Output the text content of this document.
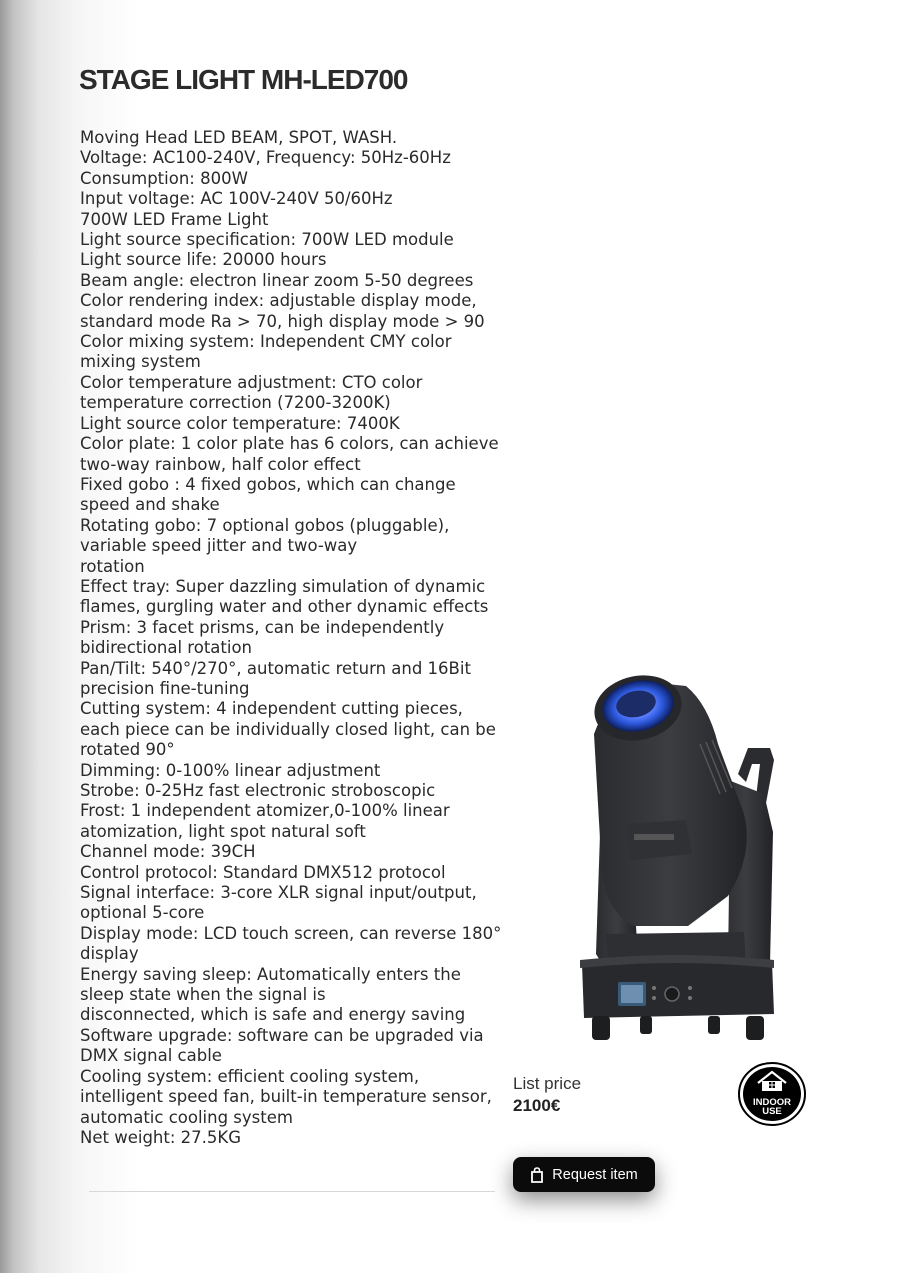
STAGE LIGHT MH-LED700
Moving Head LED BEAM, SPOT, WASH.
Voltage: AC100-240V, Frequency: 50Hz-60Hz
Consumption: 800W
Input voltage: AC 100V-240V 50/60Hz
700W LED Frame Light
Light source specification: 700W LED module
Light source life: 20000 hours
Beam angle: electron linear zoom 5-50 degrees
Color rendering index: adjustable display mode, standard mode Ra > 70, high display mode > 90
Color mixing system: Independent CMY color mixing system
Color temperature adjustment: CTO color temperature correction (7200-3200K)
Light source color temperature: 7400K
Color plate: 1 color plate has 6 colors, can achieve two-way rainbow, half color effect
Fixed gobo : 4 fixed gobos, which can change speed and shake
Rotating gobo: 7 optional gobos (pluggable), variable speed jitter and two-way
rotation
Effect tray: Super dazzling simulation of dynamic flames, gurgling water and other dynamic effects
Prism: 3 facet prisms, can be independently bidirectional rotation
Pan/Tilt: 540°/270°, automatic return and 16Bit precision fine-tuning
Cutting system: 4 independent cutting pieces, each piece can be individually closed light, can be rotated 90°
Dimming: 0-100% linear adjustment
Strobe: 0-25Hz fast electronic stroboscopic
Frost: 1 independent atomizer,0-100% linear atomization, light spot natural soft
Channel mode: 39CH
Control protocol: Standard DMX512 protocol
Signal interface: 3-core XLR signal input/output, optional 5-core
Display mode: LCD touch screen, can reverse 180° display
Energy saving sleep: Automatically enters the sleep state when the signal is
disconnected, which is safe and energy saving
Software upgrade: software can be upgraded via DMX signal cable
Cooling system: efficient cooling system, intelligent speed fan, built-in temperature sensor, automatic cooling system
Net weight: 27.5KG
List price
2100€	INDOOR
USE
Request item
